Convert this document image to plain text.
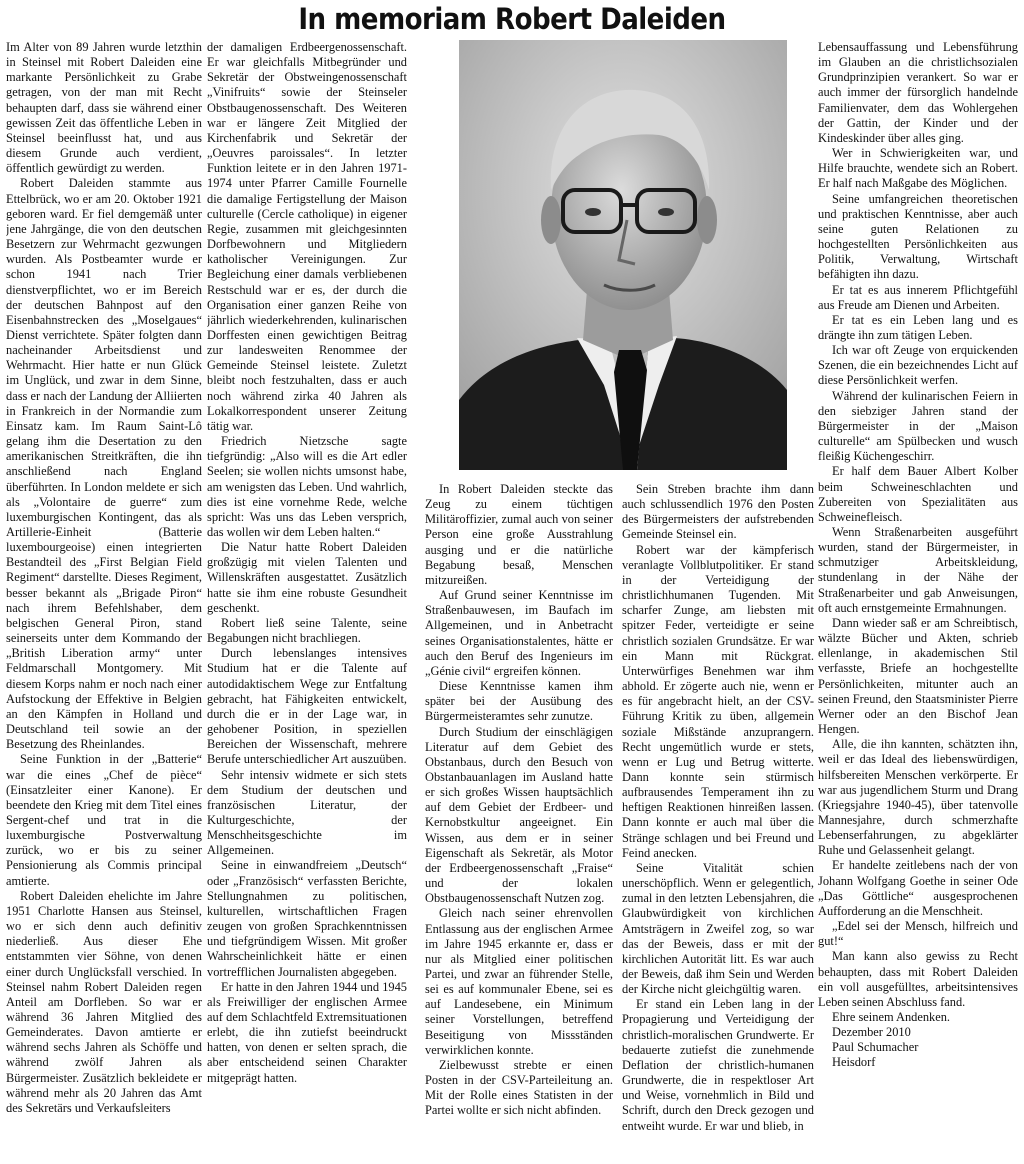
In memoriam Robert Daleiden

Im Alter von 89 Jahren wurde letzthin in Steinsel mit Robert Daleiden eine markante Persönlichkeit zu Grabe getragen, von der man mit Recht behaupten darf, dass sie während einer gewissen Zeit das öffentliche Leben in Steinsel beeinflusst hat, und aus diesem Grunde auch verdient, öffentlich gewürdigt zu werden.

Robert Daleiden stammte aus Ettelbrück, wo er am 20. Oktober 1921 geboren ward. Er fiel demgemäß unter jene Jahrgänge, die von den deutschen Besetzern zur Wehrmacht gezwungen wurden. Als Postbeamter wurde er schon 1941 nach Trier dienstverpflichtet, wo er im Bereich der deutschen Bahnpost auf den Eisenbahnstrecken des „Moselgaues“ Dienst verrichtete. Später folgten dann nacheinander Arbeitsdienst und Wehrmacht. Hier hatte er nun Glück im Unglück, und zwar in dem Sinne, dass er nach der Landung der Alliierten in Frankreich in der Normandie zum Einsatz kam. Im Raum Saint-Lô gelang ihm die Desertation zu den amerikanischen Streitkräften, die ihn anschließend nach England überführten. In London meldete er sich als „Volontaire de guerre“ zum luxemburgischen Kontingent, das als Artillerie-Einheit (Batterie luxembourgeoise) einen integrierten Bestandteil des „First Belgian Field Regiment“ darstellte. Dieses Regiment, besser bekannt als „Brigade Piron“ nach ihrem Befehlshaber, dem belgischen General Piron, stand seinerseits unter dem Kommando der „British Liberation army“ unter Feldmarschall Montgomery. Mit diesem Korps nahm er noch nach einer Aufstockung der Effektive in Belgien an den Kämpfen in Holland und Deutschland teil sowie an der Besetzung des Rheinlandes.

Seine Funktion in der „Batterie“ war die eines „Chef de pièce“ (Einsatzleiter einer Kanone). Er beendete den Krieg mit dem Titel eines Sergent-chef und trat in die luxemburgische Postverwaltung zurück, wo er bis zu seiner Pensionierung als Commis principal amtierte.

Robert Daleiden ehelichte im Jahre 1951 Charlotte Hansen aus Steinsel, wo er sich denn auch definitiv niederließ. Aus dieser Ehe entstammten vier Söhne, von denen einer durch Unglücksfall verschied. In Steinsel nahm Robert Daleiden regen Anteil am Dorfleben. So war er während 36 Jahren Mitglied des Gemeinderates. Davon amtierte er während sechs Jahren als Schöffe und während zwölf Jahren als Bürgermeister. Zusätzlich bekleidete er während mehr als 20 Jahren das Amt des Sekretärs und Verkaufsleiters

der damaligen Erdbeergenossenschaft. Er war gleichfalls Mitbegründer und Sekretär der Obstweingenossenschaft „Vinifruits“ sowie der Steinseler Obstbaugenossenschaft. Des Weiteren war er längere Zeit Mitglied der Kirchenfabrik und Sekretär der „Oeuvres paroissales“. In letzter Funktion leitete er in den Jahren 1971-1974 unter Pfarrer Camille Fournelle die damalige Fertigstellung der Maison culturelle (Cercle catholique) in eigener Regie, zusammen mit gleichgesinnten Dorfbewohnern und Mitgliedern katholischer Vereinigungen. Zur Begleichung einer damals verbliebenen Restschuld war er es, der durch die Organisation einer ganzen Reihe von jährlich wiederkehrenden, kulinarischen Dorffesten einen gewichtigen Beitrag zur landesweiten Renommee der Gemeinde Steinsel leistete. Zuletzt bleibt noch festzuhalten, dass er auch noch während zirka 40 Jahren als Lokalkorrespondent unserer Zeitung tätig war.

Friedrich Nietzsche sagte tiefgründig: „Also will es die Art edler Seelen; sie wollen nichts umsonst habe, am wenigsten das Leben. Und wahrlich, dies ist eine vornehme Rede, welche spricht: Was uns das Leben versprich, das wollen wir dem Leben halten.“

Die Natur hatte Robert Daleiden großzügig mit vielen Talenten und Willenskräften ausgestattet. Zusätzlich hatte sie ihm eine robuste Gesundheit geschenkt.

Robert ließ seine Talente, seine Begabungen nicht brachliegen.

Durch lebenslanges intensives Studium hat er die Talente auf autodidaktischem Wege zur Entfaltung gebracht, hat Fähigkeiten entwickelt, durch die er in der Lage war, in gehobener Position, in speziellen Bereichen der Wissenschaft, mehrere Berufe unterschiedlicher Art auszuüben.

Sehr intensiv widmete er sich stets dem Studium der deutschen und französischen Literatur, der Kulturgeschichte, der Menschheitsgeschichte im Allgemeinen.

Seine in einwandfreiem „Deutsch“ oder „Französisch“ verfassten Berichte, Stellungnahmen zu politischen, kulturellen, wirtschaftlichen Fragen zeugen von großen Sprachkenntnissen und tiefgründigem Wissen. Mit großer Wahrscheinlichkeit hätte er einen vortrefflichen Journalisten abgegeben.

Er hatte in den Jahren 1944 und 1945 als Freiwilliger der englischen Armee auf dem Schlachtfeld Extremsituationen erlebt, die ihn zutiefst beeindruckt hatten, von denen er selten sprach, die aber entscheidend seinen Charakter mitgeprägt hatten.

In Robert Daleiden steckte das Zeug zu einem tüchtigen Militäroffizier, zumal auch von seiner Person eine große Ausstrahlung ausging und er die natürliche Begabung besaß, Menschen mitzureißen.

Auf Grund seiner Kenntnisse im Straßenbauwesen, im Baufach im Allgemeinen, und in Anbetracht seines Organisationstalentes, hätte er auch den Beruf des Ingenieurs im „Génie civil“ ergreifen können.

Diese Kenntnisse kamen ihm später bei der Ausübung des Bürgermeisteramtes sehr zunutze.

Durch Studium der einschlägigen Literatur auf dem Gebiet des Obstanbaus, durch den Besuch von Obstanbauanlagen im Ausland hatte er sich großes Wissen hauptsächlich auf dem Gebiet der Erdbeer- und Kernobstkultur angeeignet. Ein Wissen, aus dem er in seiner Eigenschaft als Sekretär, als Motor der Erdbeergenossenschaft „Fraise“ und der lokalen Obstbaugenossenschaft Nutzen zog.

Gleich nach seiner ehrenvollen Entlassung aus der englischen Armee im Jahre 1945 erkannte er, dass er nur als Mitglied einer politischen Partei, und zwar an führender Stelle, sei es auf kommunaler Ebene, sei es auf Landesebene, ein Minimum seiner Vorstellungen, betreffend Beseitigung von Missständen verwirklichen konnte.

Zielbewusst strebte er einen Posten in der CSV-Parteileitung an. Mit der Rolle eines Statisten in der Partei wollte er sich nicht abfinden.

Sein Streben brachte ihm dann auch schlussendlich 1976 den Posten des Bürgermeisters der aufstrebenden Gemeinde Steinsel ein.

Robert war der kämpferisch veranlagte Vollblutpolitiker. Er stand in der Verteidigung der christlichhumanen Tugenden. Mit scharfer Zunge, am liebsten mit spitzer Feder, verteidigte er seine christlich sozialen Grundsätze. Er war ein Mann mit Rückgrat. Unterwürfiges Benehmen war ihm abhold. Er zögerte auch nie, wenn er es für angebracht hielt, an der CSV-Führung Kritik zu üben, allgemein soziale Mißstände anzuprangern. Recht ungemütlich wurde er stets, wenn er Lug und Betrug witterte. Dann konnte sein stürmisch aufbrausendes Temperament ihn zu heftigen Reaktionen hinreißen lassen. Dann konnte er auch mal über die Stränge schlagen und bei Freund und Feind anecken.

Seine Vitalität schien unerschöpflich. Wenn er gelegentlich, zumal in den letzten Lebensjahren, die Glaubwürdigkeit von kirchlichen Amtsträgern in Zweifel zog, so war das der Beweis, dass er mit der kirchlichen Autorität litt. Es war auch der Beweis, daß ihm Sein und Werden der Kirche nicht gleichgültig waren.

Er stand ein Leben lang in der Propagierung und Verteidigung der christlich-moralischen Grundwerte. Er bedauerte zutiefst die zunehmende Deflation der christlich-humanen Grundwerte, die in respektloser Art und Weise, vornehmlich in Bild und Schrift, durch den Dreck gezogen und entweiht wurde. Er war und blieb, in

Lebensauffassung und Lebensführung im Glauben an die christlichsozialen Grundprinzipien verankert. So war er auch immer der fürsorglich handelnde Familienvater, dem das Wohlergehen der Gattin, der Kinder und der Kindeskinder über alles ging.

Wer in Schwierigkeiten war, und Hilfe brauchte, wendete sich an Robert. Er half nach Maßgabe des Möglichen.

Seine umfangreichen theoretischen und praktischen Kenntnisse, aber auch seine guten Relationen zu hochgestellten Persönlichkeiten aus Politik, Verwaltung, Wirtschaft befähigten ihn dazu.

Er tat es aus innerem Pflichtgefühl aus Freude am Dienen und Arbeiten.

Er tat es ein Leben lang und es drängte ihn zum tätigen Leben.

Ich war oft Zeuge von erquickenden Szenen, die ein bezeichnendes Licht auf diese Persönlichkeit werfen.

Während der kulinarischen Feiern in den siebziger Jahren stand der Bürgermeister in der „Maison culturelle“ am Spülbecken und wusch fleißig Küchengeschirr.

Er half dem Bauer Albert Kolber beim Schweineschlachten und Zubereiten von Spezialitäten aus Schweinefleisch.

Wenn Straßenarbeiten ausgeführt wurden, stand der Bürgermeister, in schmutziger Arbeitskleidung, stundenlang in der Nähe der Straßenarbeiter und gab Anweisungen, oft auch ernstgemeinte Ermahnungen.

Dann wieder saß er am Schreibtisch, wälzte Bücher und Akten, schrieb ellenlange, in akademischen Stil verfasste, Briefe an hochgestellte Persönlichkeiten, mitunter auch an seinen Freund, den Staatsminister Pierre Werner oder an den Bischof Jean Hengen.

Alle, die ihn kannten, schätzten ihn, weil er das Ideal des liebenswürdigen, hilfsbereiten Menschen verkörperte. Er war aus jugendlichem Sturm und Drang (Kriegsjahre 1940-45), über tatenvolle Mannesjahre, durch schmerzhafte Lebenserfahrungen, zu abgeklärter Ruhe und Gelassenheit gelangt.

Er handelte zeitlebens nach der von Johann Wolfgang Goethe in seiner Ode „Das Göttliche“ ausgesprochenen Aufforderung an die Menschheit.

„Edel sei der Mensch, hilfreich und gut!“

Man kann also gewiss zu Recht behaupten, dass mit Robert Daleiden ein voll ausgefülltes, arbeitsintensives Leben seinen Abschluss fand.

Ehre seinem Andenken.

Dezember 2010

Paul Schumacher

Heisdorf
